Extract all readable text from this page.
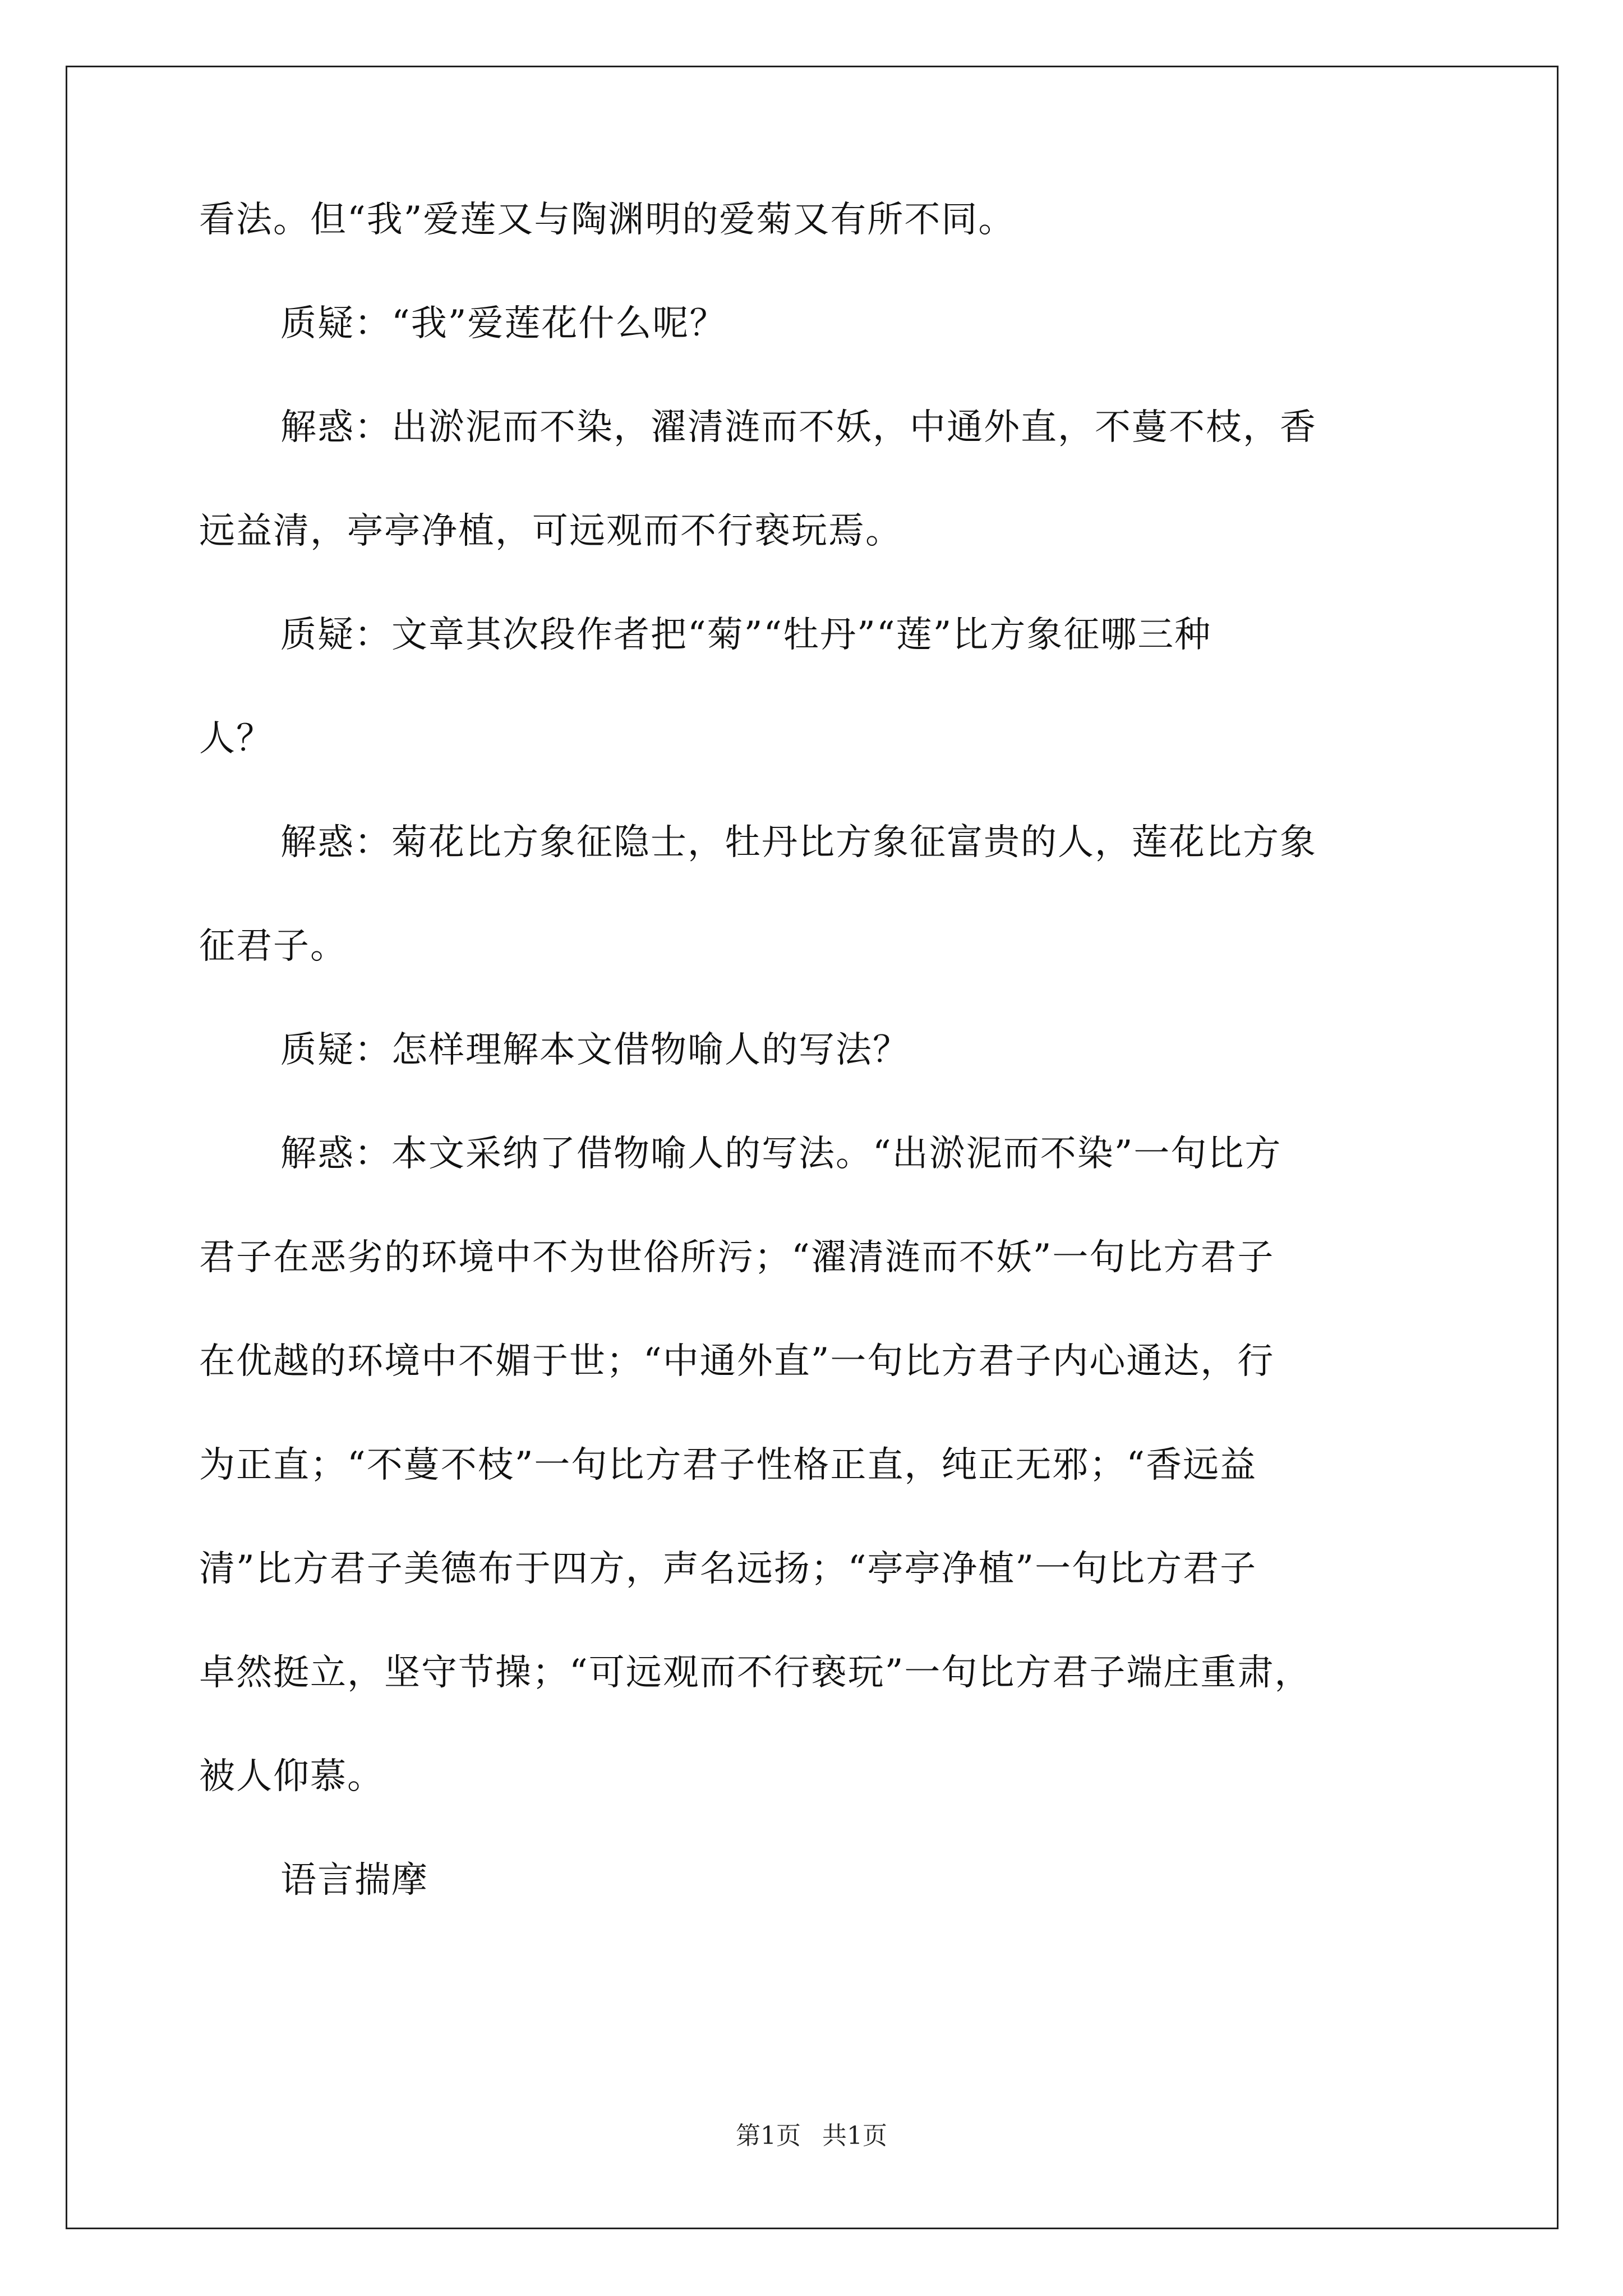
看法。但“我”爱莲又与陶渊明的爱菊又有所不同。
质疑：“我”爱莲花什么呢？
解惑：出淤泥而不染，濯清涟而不妖，中通外直，不蔓不枝，香
远益清，亭亭净植，可远观而不行亵玩焉。
质疑：文章其次段作者把“菊”“牡丹”“莲”比方象征哪三种
人？
解惑：菊花比方象征隐士，牡丹比方象征富贵的人，莲花比方象
征君子。
质疑：怎样理解本文借物喻人的写法？
解惑：本文采纳了借物喻人的写法。“出淤泥而不染”一句比方
君子在恶劣的环境中不为世俗所污；“濯清涟而不妖”一句比方君子
在优越的环境中不媚于世；“中通外直”一句比方君子内心通达，行
为正直；“不蔓不枝”一句比方君子性格正直，纯正无邪；“香远益
清”比方君子美德布于四方，声名远扬；“亭亭净植”一句比方君子
卓然挺立，坚守节操；“可远观而不行亵玩”一句比方君子端庄重肃，
被人仰慕。
语言揣摩
第1页 共1页
